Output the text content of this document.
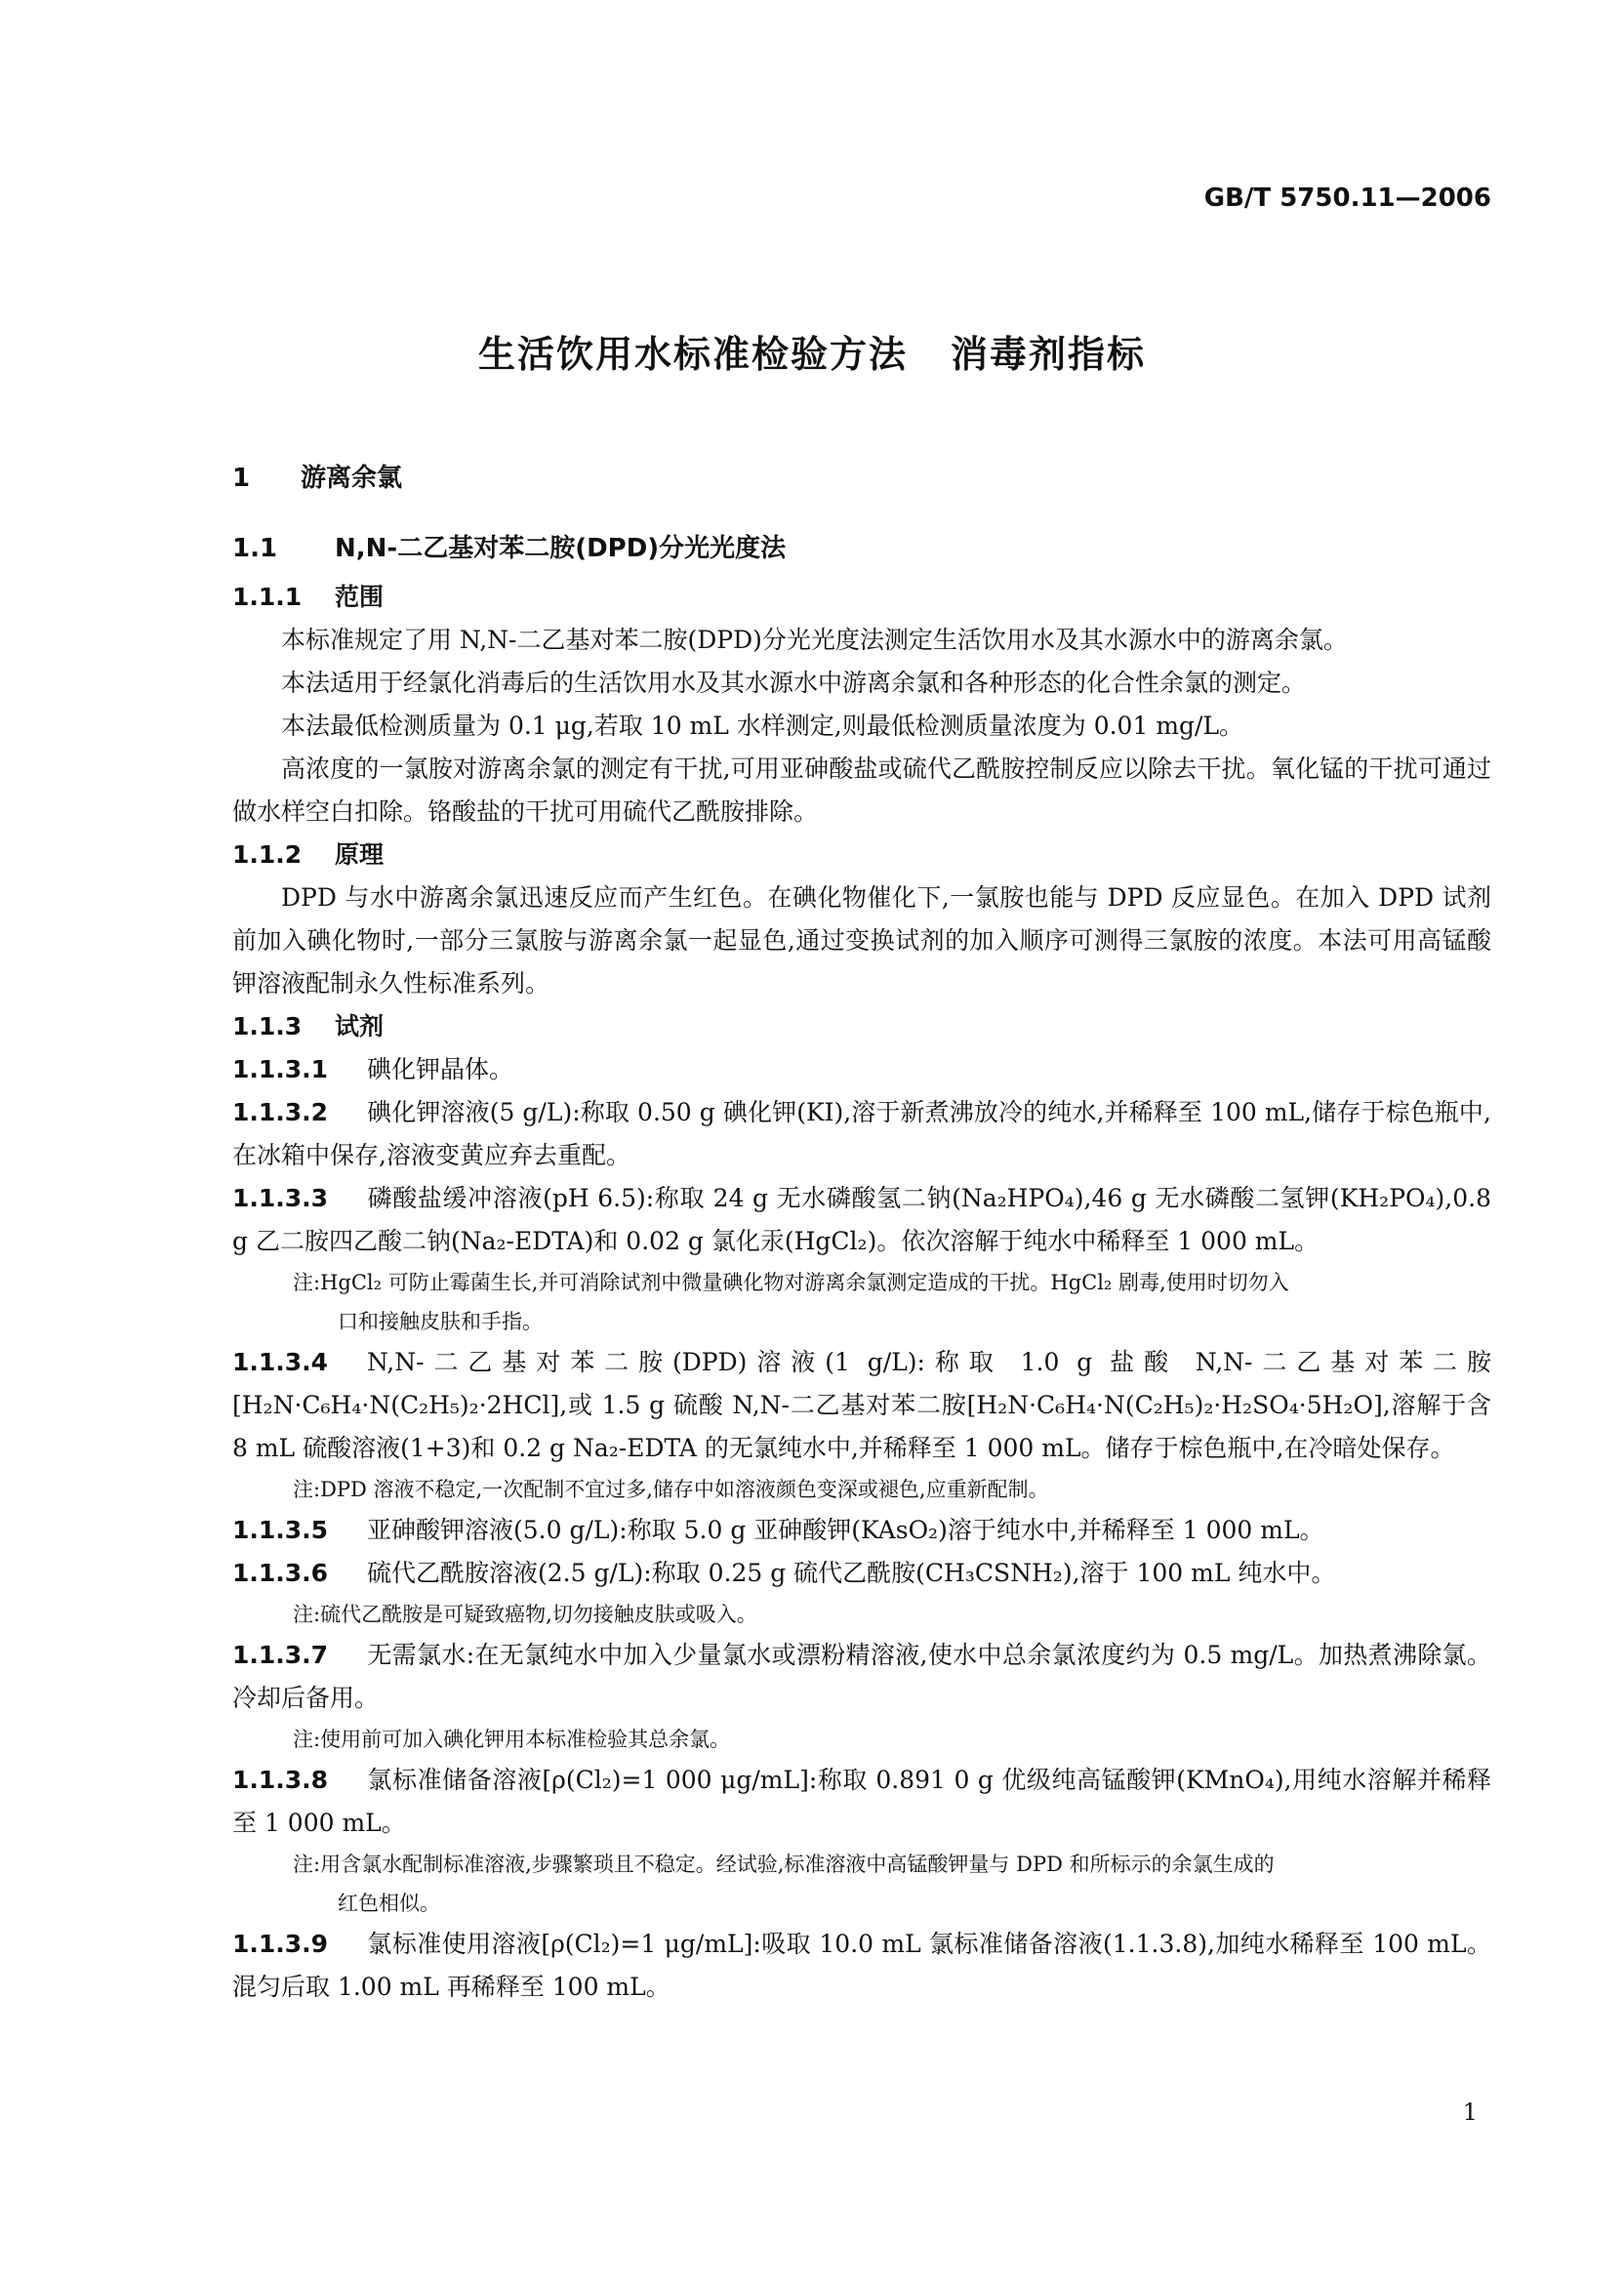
GB/T 5750.11—2006

生活饮用水标准检验方法 消毒剂指标
1 游离余氯
1.1 N,N-二乙基对苯二胺(DPD)分光光度法
1.1.1 范围

本标准规定了用 N,N-二乙基对苯二胺(DPD)分光光度法测定生活饮用水及其水源水中的游离余氯。

本法适用于经氯化消毒后的生活饮用水及其水源水中游离余氯和各种形态的化合性余氯的测定。

本法最低检测质量为 0.1 μg,若取 10 mL 水样测定,则最低检测质量浓度为 0.01 mg/L。

高浓度的一氯胺对游离余氯的测定有干扰,可用亚砷酸盐或硫代乙酰胺控制反应以除去干扰。氧化锰的干扰可通过做水样空白扣除。铬酸盐的干扰可用硫代乙酰胺排除。

1.1.2 原理

DPD 与水中游离余氯迅速反应而产生红色。在碘化物催化下,一氯胺也能与 DPD 反应显色。在加入 DPD 试剂前加入碘化物时,一部分三氯胺与游离余氯一起显色,通过变换试剂的加入顺序可测得三氯胺的浓度。本法可用高锰酸钾溶液配制永久性标准系列。

1.1.3 试剂

1.1.3.1 碘化钾晶体。

1.1.3.2 碘化钾溶液(5 g/L):称取 0.50 g 碘化钾(KI),溶于新煮沸放冷的纯水,并稀释至 100 mL,储存于棕色瓶中,在冰箱中保存,溶液变黄应弃去重配。

1.1.3.3 磷酸盐缓冲溶液(pH 6.5):称取 24 g 无水磷酸氢二钠(Na₂HPO₄),46 g 无水磷酸二氢钾(KH₂PO₄),0.8 g 乙二胺四乙酸二钠(Na₂-EDTA)和 0.02 g 氯化汞(HgCl₂)。依次溶解于纯水中稀释至 1 000 mL。

注:HgCl₂ 可防止霉菌生长,并可消除试剂中微量碘化物对游离余氯测定造成的干扰。HgCl₂ 剧毒,使用时切勿入
口和接触皮肤和手指。

1.1.3.4 N,N-二乙基对苯二胺(DPD)溶液(1 g/L):称取 1.0 g 盐酸 N,N-二乙基对苯二胺[H₂N·C₆H₄·N(C₂H₅)₂·2HCl],或 1.5 g 硫酸 N,N-二乙基对苯二胺[H₂N·C₆H₄·N(C₂H₅)₂·H₂SO₄·5H₂O],溶解于含 8 mL 硫酸溶液(1+3)和 0.2 g Na₂-EDTA 的无氯纯水中,并稀释至 1 000 mL。储存于棕色瓶中,在冷暗处保存。

注:DPD 溶液不稳定,一次配制不宜过多,储存中如溶液颜色变深或褪色,应重新配制。

1.1.3.5 亚砷酸钾溶液(5.0 g/L):称取 5.0 g 亚砷酸钾(KAsO₂)溶于纯水中,并稀释至 1 000 mL。

1.1.3.6 硫代乙酰胺溶液(2.5 g/L):称取 0.25 g 硫代乙酰胺(CH₃CSNH₂),溶于 100 mL 纯水中。

注:硫代乙酰胺是可疑致癌物,切勿接触皮肤或吸入。

1.1.3.7 无需氯水:在无氯纯水中加入少量氯水或漂粉精溶液,使水中总余氯浓度约为 0.5 mg/L。加热煮沸除氯。冷却后备用。

注:使用前可加入碘化钾用本标准检验其总余氯。

1.1.3.8 氯标准储备溶液[ρ(Cl₂)=1 000 μg/mL]:称取 0.891 0 g 优级纯高锰酸钾(KMnO₄),用纯水溶解并稀释至 1 000 mL。

注:用含氯水配制标准溶液,步骤繁琐且不稳定。经试验,标准溶液中高锰酸钾量与 DPD 和所标示的余氯生成的
红色相似。

1.1.3.9 氯标准使用溶液[ρ(Cl₂)=1 μg/mL]:吸取 10.0 mL 氯标准储备溶液(1.1.3.8),加纯水稀释至 100 mL。混匀后取 1.00 mL 再稀释至 100 mL。

1
